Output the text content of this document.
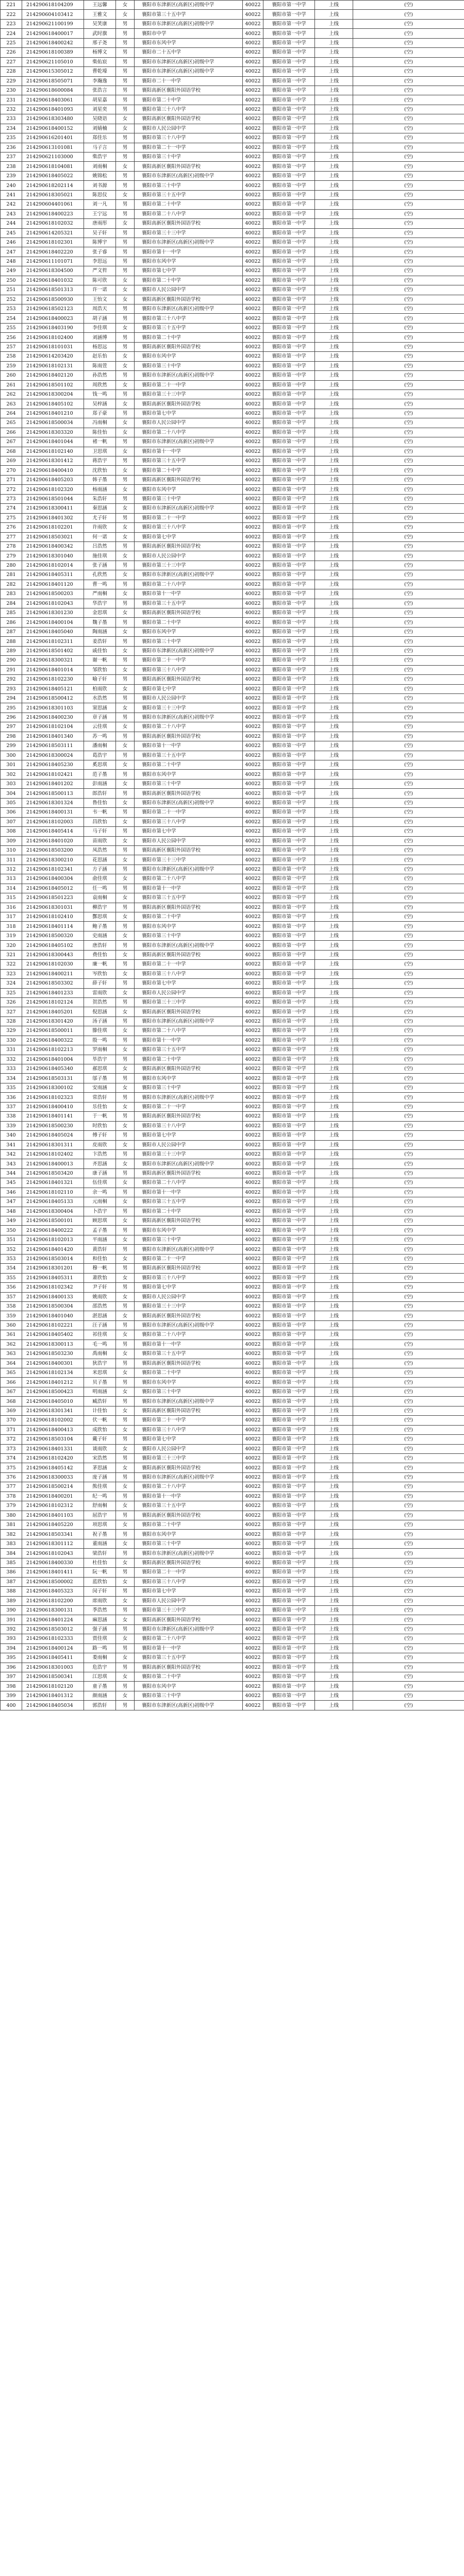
221	214290618104209	王远馨	女	襄阳市东津新区(高新区)初级中学	40022	襄阳市第一中学	上线	(空)
222	214290604103412	王雅文	女	襄阳市第三十五中学	40022	襄阳市第一中学	上线	(空)
223	214290621100199	吴笑康	男	襄阳市东津新区(高新区)初级中学	40022	襄阳市第一中学	上线	(空)
224	214290618400017	武时旗	男	襄阳市中学	40022	襄阳市第一中学	上线	(空)
225	214290618400242	邢子尧	男	襄阳市东风中学	40022	襄阳市第一中学	上线	(空)
226	214290618100389	杨博文	男	襄阳市二十五中学	40022	襄阳市第一中学	上线	(空)
227	214290621105010	柴佑宸	男	襄阳市东津新区(高新区)初级中学	40022	襄阳市第一中学	上线	(空)
228	214290615305012	曹乾壕	男	襄阳市东津新区(高新区)初级中学	40022	襄阳市第一中学	上线	(空)
229	214290618505071	李瀚逸	男	襄阳市二十一中学	40022	襄阳市第一中学	上线	(空)
230	214290618600084	张浩言	男	襄阳高新区襄阳外国语学校	40022	襄阳市第一中学	上线	(空)
231	214290618403061	胡星嘉	男	襄阳市第二十中学	40022	襄阳市第一中学	上线	(空)
232	214290618401093	刘星奕	男	襄阳市第三十八中学	40022	襄阳市第一中学	上线	(空)
233	214290618303480	吴晓语	女	襄阳高新区襄阳外国语学校	40022	襄阳市第一中学	上线	(空)
234	214290618400152	刘婧楠	女	襄阳市人民公园中学	40022	襄阳市第一中学	上线	(空)
235	214290616201401	郑佳乐	男	襄阳市第三十八中学	40022	襄阳市第一中学	上线	(空)
236	214290613101081	马子言	男	襄阳市第二十一中学	40022	襄阳市第一中学	上线	(空)
237	214290621103000	柴浩宇	男	襄阳市第三十中学	40022	襄阳市第一中学	上线	(空)
238	214290618104081	刘雨桐	女	襄阳高新区襄阳外国语学校	40022	襄阳市第一中学	上线	(空)
239	214290618405022	姚锦松	男	襄阳市东津新区(高新区)初级中学	40022	襄阳市第一中学	上线	(空)
240	214290618202114	刘书源	男	襄阳市第三十中学	40022	襄阳市第一中学	上线	(空)
241	214290618305021	陈思仪	女	襄阳市第三十五中学	40022	襄阳市第一中学	上线	(空)
242	214290604401061	刘一凡	男	襄阳市第二十中学	40022	襄阳市第一中学	上线	(空)
243	214290618400223	王宁远	男	襄阳市第二十八中学	40022	襄阳市第一中学	上线	(空)
244	214290618102032	唐雨彤	女	襄阳高新区襄阳外国语学校	40022	襄阳市第一中学	上线	(空)
245	214290614205321	吴子轩	男	襄阳市第三十三中学	40022	襄阳市第一中学	上线	(空)
246	214290618102301	陈博宇	男	襄阳市东津新区(高新区)初级中学	40022	襄阳市第一中学	上线	(空)
247	214290618402220	张子睿	男	襄阳市第十一中学	40022	襄阳市第一中学	上线	(空)
248	214290611101071	李思远	男	襄阳市东风中学	40022	襄阳市第一中学	上线	(空)
249	214290618304500	严文哲	男	襄阳市第七中学	40022	襄阳市第一中学	上线	(空)
250	214290618401032	陈可欣	女	襄阳市第二十中学	40022	襄阳市第一中学	上线	(空)
251	214290618501313	许一诺	女	襄阳市人民公园中学	40022	襄阳市第一中学	上线	(空)
252	214290618500930	王怡文	女	襄阳高新区襄阳外国语学校	40022	襄阳市第一中学	上线	(空)
253	214290618502123	周浩天	男	襄阳市东津新区(高新区)初级中学	40022	襄阳市第一中学	上线	(空)
254	214290618400023	胡子涵	男	襄阳市第三十八中学	40022	襄阳市第一中学	上线	(空)
255	214290618403190	李佳琪	女	襄阳市第三十五中学	40022	襄阳市第一中学	上线	(空)
256	214290618102400	刘涵博	男	襄阳市第二十中学	40022	襄阳市第一中学	上线	(空)
257	214290618101031	杨思远	男	襄阳高新区襄阳外国语学校	40022	襄阳市第一中学	上线	(空)
258	214290614203420	赵乐怡	女	襄阳市东风中学	40022	襄阳市第一中学	上线	(空)
259	214290618102131	陈雨萱	女	襄阳市第三十中学	40022	襄阳市第一中学	上线	(空)
260	214290618402120	孙浩然	男	襄阳市东津新区(高新区)初级中学	40022	襄阳市第一中学	上线	(空)
261	214290618501102	周欣然	女	襄阳市第二十一中学	40022	襄阳市第一中学	上线	(空)
262	214290618300204	钱一鸣	男	襄阳市第三十三中学	40022	襄阳市第一中学	上线	(空)
263	214290618405102	吴梓涵	女	襄阳高新区襄阳外国语学校	40022	襄阳市第一中学	上线	(空)
264	214290618401210	郑子豪	男	襄阳市第七中学	40022	襄阳市第一中学	上线	(空)
265	214290618500034	冯雨桐	女	襄阳市人民公园中学	40022	襄阳市第一中学	上线	(空)
266	214290618303320	陈佳怡	女	襄阳市第二十八中学	40022	襄阳市第一中学	上线	(空)
267	214290618401044	褚一帆	男	襄阳市东津新区(高新区)初级中学	40022	襄阳市第一中学	上线	(空)
268	214290618102140	卫思琪	女	襄阳市第十一中学	40022	襄阳市第一中学	上线	(空)
269	214290618301412	蒋浩宇	男	襄阳市第三十五中学	40022	襄阳市第一中学	上线	(空)
270	214290618400410	沈欣怡	女	襄阳市第二十中学	40022	襄阳市第一中学	上线	(空)
271	214290618405203	韩子墨	男	襄阳高新区襄阳外国语学校	40022	襄阳市第一中学	上线	(空)
272	214290618102320	杨雨涵	女	襄阳市东风中学	40022	襄阳市第一中学	上线	(空)
273	214290618501044	朱浩轩	男	襄阳市第三十中学	40022	襄阳市第一中学	上线	(空)
274	214290618300411	秦思涵	女	襄阳市东津新区(高新区)初级中学	40022	襄阳市第一中学	上线	(空)
275	214290618401302	尤子轩	男	襄阳市第二十一中学	40022	襄阳市第一中学	上线	(空)
276	214290618102201	许雨欣	女	襄阳市第三十八中学	40022	襄阳市第一中学	上线	(空)
277	214290618503021	何一诺	女	襄阳市第七中学	40022	襄阳市第一中学	上线	(空)
278	214290618400342	吕浩然	男	襄阳高新区襄阳外国语学校	40022	襄阳市第一中学	上线	(空)
279	214290618301040	施佳琪	女	襄阳市人民公园中学	40022	襄阳市第一中学	上线	(空)
280	214290618102014	张子涵	男	襄阳市第三十三中学	40022	襄阳市第一中学	上线	(空)
281	214290618405311	孔欣然	女	襄阳市东津新区(高新区)初级中学	40022	襄阳市第一中学	上线	(空)
282	214290618401120	曹一鸣	男	襄阳市第二十八中学	40022	襄阳市第一中学	上线	(空)
283	214290618500203	严雨桐	女	襄阳市第十一中学	40022	襄阳市第一中学	上线	(空)
284	214290618102043	华浩宇	男	襄阳市第三十五中学	40022	襄阳市第一中学	上线	(空)
285	214290618301230	金思琪	女	襄阳高新区襄阳外国语学校	40022	襄阳市第一中学	上线	(空)
286	214290618400104	魏子墨	男	襄阳市第二十中学	40022	襄阳市第一中学	上线	(空)
287	214290618405040	陶雨涵	女	襄阳市东风中学	40022	襄阳市第一中学	上线	(空)
288	214290618102311	姜浩轩	男	襄阳市第三十中学	40022	襄阳市第一中学	上线	(空)
289	214290618501402	戚佳怡	女	襄阳市东津新区(高新区)初级中学	40022	襄阳市第一中学	上线	(空)
290	214290618300321	谢一帆	男	襄阳市第二十一中学	40022	襄阳市第一中学	上线	(空)
291	214290618401014	邹欣怡	女	襄阳市第三十八中学	40022	襄阳市第一中学	上线	(空)
292	214290618102230	喻子轩	男	襄阳高新区襄阳外国语学校	40022	襄阳市第一中学	上线	(空)
293	214290618405121	柏雨欣	女	襄阳市第七中学	40022	襄阳市第一中学	上线	(空)
294	214290618500412	水浩然	男	襄阳市人民公园中学	40022	襄阳市第一中学	上线	(空)
295	214290618301103	窦思涵	女	襄阳市第三十三中学	40022	襄阳市第一中学	上线	(空)
296	214290618400230	章子涵	男	襄阳市东津新区(高新区)初级中学	40022	襄阳市第一中学	上线	(空)
297	214290618102104	云佳琪	女	襄阳市第二十八中学	40022	襄阳市第一中学	上线	(空)
298	214290618401340	苏一鸣	男	襄阳高新区襄阳外国语学校	40022	襄阳市第一中学	上线	(空)
299	214290618503111	潘雨桐	女	襄阳市第十一中学	40022	襄阳市第一中学	上线	(空)
300	214290618300024	葛浩宇	男	襄阳市第三十五中学	40022	襄阳市第一中学	上线	(空)
301	214290618405230	奚思琪	女	襄阳市第二十中学	40022	襄阳市第一中学	上线	(空)
302	214290618102421	范子墨	男	襄阳市东风中学	40022	襄阳市第一中学	上线	(空)
303	214290618401202	彭雨涵	女	襄阳市第三十中学	40022	襄阳市第一中学	上线	(空)
304	214290618500113	郎浩轩	男	襄阳高新区襄阳外国语学校	40022	襄阳市第一中学	上线	(空)
305	214290618301324	鲁佳怡	女	襄阳市东津新区(高新区)初级中学	40022	襄阳市第一中学	上线	(空)
306	214290618400131	韦一帆	男	襄阳市第二十一中学	40022	襄阳市第一中学	上线	(空)
307	214290618102003	昌欣怡	女	襄阳市第三十八中学	40022	襄阳市第一中学	上线	(空)
308	214290618405414	马子轩	男	襄阳市第七中学	40022	襄阳市第一中学	上线	(空)
309	214290618401020	苗雨欣	女	襄阳市人民公园中学	40022	襄阳市第一中学	上线	(空)
310	214290618503200	凤浩然	男	襄阳高新区襄阳外国语学校	40022	襄阳市第一中学	上线	(空)
311	214290618300210	花思涵	女	襄阳市第三十三中学	40022	襄阳市第一中学	上线	(空)
312	214290618102341	方子涵	男	襄阳市东津新区(高新区)初级中学	40022	襄阳市第一中学	上线	(空)
313	214290618400304	俞佳琪	女	襄阳市第二十八中学	40022	襄阳市第一中学	上线	(空)
314	214290618405012	任一鸣	男	襄阳市第十一中学	40022	襄阳市第一中学	上线	(空)
315	214290618501223	袁雨桐	女	襄阳市第三十五中学	40022	襄阳市第一中学	上线	(空)
316	214290618301031	柳浩宇	男	襄阳高新区襄阳外国语学校	40022	襄阳市第一中学	上线	(空)
317	214290618102410	酆思琪	女	襄阳市第二十中学	40022	襄阳市第一中学	上线	(空)
318	214290618401114	鲍子墨	男	襄阳市东风中学	40022	襄阳市第一中学	上线	(空)
319	214290618500320	史雨涵	女	襄阳市第三十中学	40022	襄阳市第一中学	上线	(空)
320	214290618405102	唐浩轩	男	襄阳市东津新区(高新区)初级中学	40022	襄阳市第一中学	上线	(空)
321	214290618300443	费佳怡	女	襄阳高新区襄阳外国语学校	40022	襄阳市第一中学	上线	(空)
322	214290618102030	廉一帆	男	襄阳市第二十一中学	40022	襄阳市第一中学	上线	(空)
323	214290618400211	岑欣怡	女	襄阳市第三十八中学	40022	襄阳市第一中学	上线	(空)
324	214290618503302	薛子轩	男	襄阳市第七中学	40022	襄阳市第一中学	上线	(空)
325	214290618401233	雷雨欣	女	襄阳市人民公园中学	40022	襄阳市第一中学	上线	(空)
326	214290618102124	贺浩然	男	襄阳市第三十三中学	40022	襄阳市第一中学	上线	(空)
327	214290618405201	倪思涵	女	襄阳高新区襄阳外国语学校	40022	襄阳市第一中学	上线	(空)
328	214290618301420	汤子涵	男	襄阳市东津新区(高新区)初级中学	40022	襄阳市第一中学	上线	(空)
329	214290618500011	滕佳琪	女	襄阳市第二十八中学	40022	襄阳市第一中学	上线	(空)
330	214290618400322	殷一鸣	男	襄阳市第十一中学	40022	襄阳市第一中学	上线	(空)
331	214290618102213	罗雨桐	女	襄阳市第三十五中学	40022	襄阳市第一中学	上线	(空)
332	214290618401004	毕浩宇	男	襄阳市第二十中学	40022	襄阳市第一中学	上线	(空)
333	214290618405340	郝思琪	女	襄阳高新区襄阳外国语学校	40022	襄阳市第一中学	上线	(空)
334	214290618503131	邬子墨	男	襄阳市东风中学	40022	襄阳市第一中学	上线	(空)
335	214290618300102	安雨涵	女	襄阳市第三十中学	40022	襄阳市第一中学	上线	(空)
336	214290618102323	常浩轩	男	襄阳市东津新区(高新区)初级中学	40022	襄阳市第一中学	上线	(空)
337	214290618400410	乐佳怡	女	襄阳市第二十一中学	40022	襄阳市第一中学	上线	(空)
338	214290618401141	于一帆	男	襄阳高新区襄阳外国语学校	40022	襄阳市第一中学	上线	(空)
339	214290618500230	时欣怡	女	襄阳市第三十八中学	40022	襄阳市第一中学	上线	(空)
340	214290618405024	傅子轩	男	襄阳市第七中学	40022	襄阳市第一中学	上线	(空)
341	214290618301311	皮雨欣	女	襄阳市人民公园中学	40022	襄阳市第一中学	上线	(空)
342	214290618102402	卞浩然	男	襄阳市第三十三中学	40022	襄阳市第一中学	上线	(空)
343	214290618400013	齐思涵	女	襄阳市东津新区(高新区)初级中学	40022	襄阳市第一中学	上线	(空)
344	214290618503420	康子涵	男	襄阳高新区襄阳外国语学校	40022	襄阳市第一中学	上线	(空)
345	214290618401321	伍佳琪	女	襄阳市第二十八中学	40022	襄阳市第一中学	上线	(空)
346	214290618102110	余一鸣	男	襄阳市第十一中学	40022	襄阳市第一中学	上线	(空)
347	214290618405133	元雨桐	女	襄阳市第三十五中学	40022	襄阳市第一中学	上线	(空)
348	214290618300404	卜浩宇	男	襄阳市第二十中学	40022	襄阳市第一中学	上线	(空)
349	214290618500101	顾思琪	女	襄阳高新区襄阳外国语学校	40022	襄阳市第一中学	上线	(空)
350	214290618400222	孟子墨	男	襄阳市东风中学	40022	襄阳市第一中学	上线	(空)
351	214290618102013	平雨涵	女	襄阳市第三十中学	40022	襄阳市第一中学	上线	(空)
352	214290618401420	黄浩轩	男	襄阳市东津新区(高新区)初级中学	40022	襄阳市第一中学	上线	(空)
353	214290618503014	和佳怡	女	襄阳市第二十一中学	40022	襄阳市第一中学	上线	(空)
354	214290618301201	穆一帆	男	襄阳高新区襄阳外国语学校	40022	襄阳市第一中学	上线	(空)
355	214290618405311	萧欣怡	女	襄阳市第三十八中学	40022	襄阳市第一中学	上线	(空)
356	214290618102342	尹子轩	男	襄阳市第七中学	40022	襄阳市第一中学	上线	(空)
357	214290618400133	姚雨欣	女	襄阳市人民公园中学	40022	襄阳市第一中学	上线	(空)
358	214290618500304	邵浩然	男	襄阳市第三十三中学	40022	襄阳市第一中学	上线	(空)
359	214290618401040	湛思涵	女	襄阳高新区襄阳外国语学校	40022	襄阳市第一中学	上线	(空)
360	214290618102221	汪子涵	男	襄阳市东津新区(高新区)初级中学	40022	襄阳市第一中学	上线	(空)
361	214290618405402	祁佳琪	女	襄阳市第二十八中学	40022	襄阳市第一中学	上线	(空)
362	214290618300113	毛一鸣	男	襄阳市第十一中学	40022	襄阳市第一中学	上线	(空)
363	214290618503230	禹雨桐	女	襄阳市第三十五中学	40022	襄阳市第一中学	上线	(空)
364	214290618400301	狄浩宇	男	襄阳高新区襄阳外国语学校	40022	襄阳市第一中学	上线	(空)
365	214290618102134	米思琪	女	襄阳市第二十中学	40022	襄阳市第一中学	上线	(空)
366	214290618401212	贝子墨	男	襄阳市东风中学	40022	襄阳市第一中学	上线	(空)
367	214290618500423	明雨涵	女	襄阳市第三十中学	40022	襄阳市第一中学	上线	(空)
368	214290618405010	臧浩轩	男	襄阳市东津新区(高新区)初级中学	40022	襄阳市第一中学	上线	(空)
369	214290618301341	计佳怡	女	襄阳高新区襄阳外国语学校	40022	襄阳市第一中学	上线	(空)
370	214290618102002	伏一帆	男	襄阳市第二十一中学	40022	襄阳市第一中学	上线	(空)
371	214290618400413	成欣怡	女	襄阳市第三十八中学	40022	襄阳市第一中学	上线	(空)
372	214290618503104	戴子轩	男	襄阳市第七中学	40022	襄阳市第一中学	上线	(空)
373	214290618401331	谈雨欣	女	襄阳市人民公园中学	40022	襄阳市第一中学	上线	(空)
374	214290618102420	宋浩然	男	襄阳市第三十三中学	40022	襄阳市第一中学	上线	(空)
375	214290618405142	茅思涵	女	襄阳高新区襄阳外国语学校	40022	襄阳市第一中学	上线	(空)
376	214290618300033	庞子涵	男	襄阳市东津新区(高新区)初级中学	40022	襄阳市第一中学	上线	(空)
377	214290618500214	熊佳琪	女	襄阳市第二十八中学	40022	襄阳市第一中学	上线	(空)
378	214290618400201	纪一鸣	男	襄阳市第十一中学	40022	襄阳市第一中学	上线	(空)
379	214290618102312	舒雨桐	女	襄阳市第三十五中学	40022	襄阳市第一中学	上线	(空)
380	214290618401103	屈浩宇	男	襄阳高新区襄阳外国语学校	40022	襄阳市第一中学	上线	(空)
381	214290618405220	项思琪	女	襄阳市第二十中学	40022	襄阳市第一中学	上线	(空)
382	214290618503341	祝子墨	男	襄阳市东风中学	40022	襄阳市第一中学	上线	(空)
383	214290618301112	董雨涵	女	襄阳市第三十中学	40022	襄阳市第一中学	上线	(空)
384	214290618102043	梁浩轩	男	襄阳市东津新区(高新区)初级中学	40022	襄阳市第一中学	上线	(空)
385	214290618400330	杜佳怡	女	襄阳高新区襄阳外国语学校	40022	襄阳市第一中学	上线	(空)
386	214290618401411	阮一帆	男	襄阳市第二十一中学	40022	襄阳市第一中学	上线	(空)
387	214290618500002	蓝欣怡	女	襄阳市第三十八中学	40022	襄阳市第一中学	上线	(空)
388	214290618405323	闵子轩	男	襄阳市第七中学	40022	襄阳市第一中学	上线	(空)
389	214290618102200	席雨欣	女	襄阳市人民公园中学	40022	襄阳市第一中学	上线	(空)
390	214290618300131	季浩然	男	襄阳市第三十三中学	40022	襄阳市第一中学	上线	(空)
391	214290618401224	麻思涵	女	襄阳高新区襄阳外国语学校	40022	襄阳市第一中学	上线	(空)
392	214290618503012	强子涵	男	襄阳市东津新区(高新区)初级中学	40022	襄阳市第一中学	上线	(空)
393	214290618102333	贾佳琪	女	襄阳市第二十八中学	40022	襄阳市第一中学	上线	(空)
394	214290618400124	路一鸣	男	襄阳市第十一中学	40022	襄阳市第一中学	上线	(空)
395	214290618405411	娄雨桐	女	襄阳市第三十五中学	40022	襄阳市第一中学	上线	(空)
396	214290618301003	危浩宇	男	襄阳高新区襄阳外国语学校	40022	襄阳市第一中学	上线	(空)
397	214290618500341	江思琪	女	襄阳市第二十中学	40022	襄阳市第一中学	上线	(空)
398	214290618102120	童子墨	男	襄阳市东风中学	40022	襄阳市第一中学	上线	(空)
399	214290618401312	颜雨涵	女	襄阳市第三十中学	40022	襄阳市第一中学	上线	(空)
400	214290618405034	郭浩轩	男	襄阳市东津新区(高新区)初级中学	40022	襄阳市第一中学	上线	(空)
